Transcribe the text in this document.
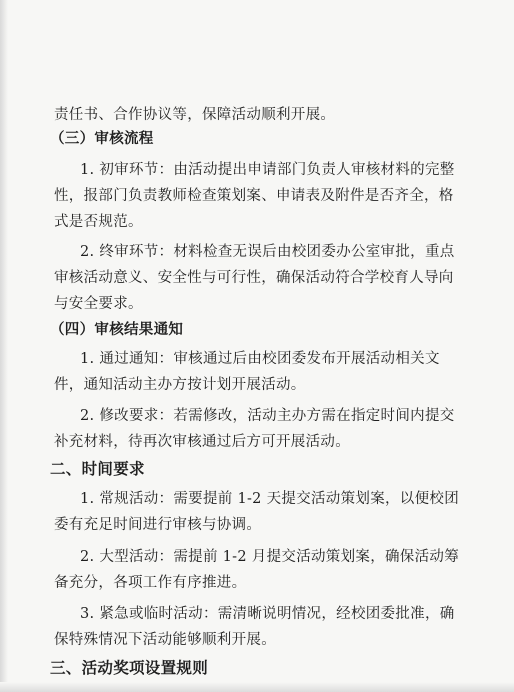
责任书、合作协议等，保障活动顺利开展。
（三）审核流程
1. 初审环节：由活动提出申请部门负责人审核材料的完整
性，报部门负责教师检查策划案、申请表及附件是否齐全，格
式是否规范。
2. 终审环节：材料检查无误后由校团委办公室审批，重点
审核活动意义、安全性与可行性，确保活动符合学校育人导向
与安全要求。
（四）审核结果通知
1. 通过通知：审核通过后由校团委发布开展活动相关文
件，通知活动主办方按计划开展活动。
2. 修改要求：若需修改，活动主办方需在指定时间内提交
补充材料，待再次审核通过后方可开展活动。
二、时间要求
1. 常规活动：需要提前 1-2 天提交活动策划案，以便校团
委有充足时间进行审核与协调。
2. 大型活动：需提前 1-2 月提交活动策划案，确保活动筹
备充分，各项工作有序推进。
3. 紧急或临时活动：需清晰说明情况，经校团委批准，确
保特殊情况下活动能够顺利开展。
三、活动奖项设置规则
